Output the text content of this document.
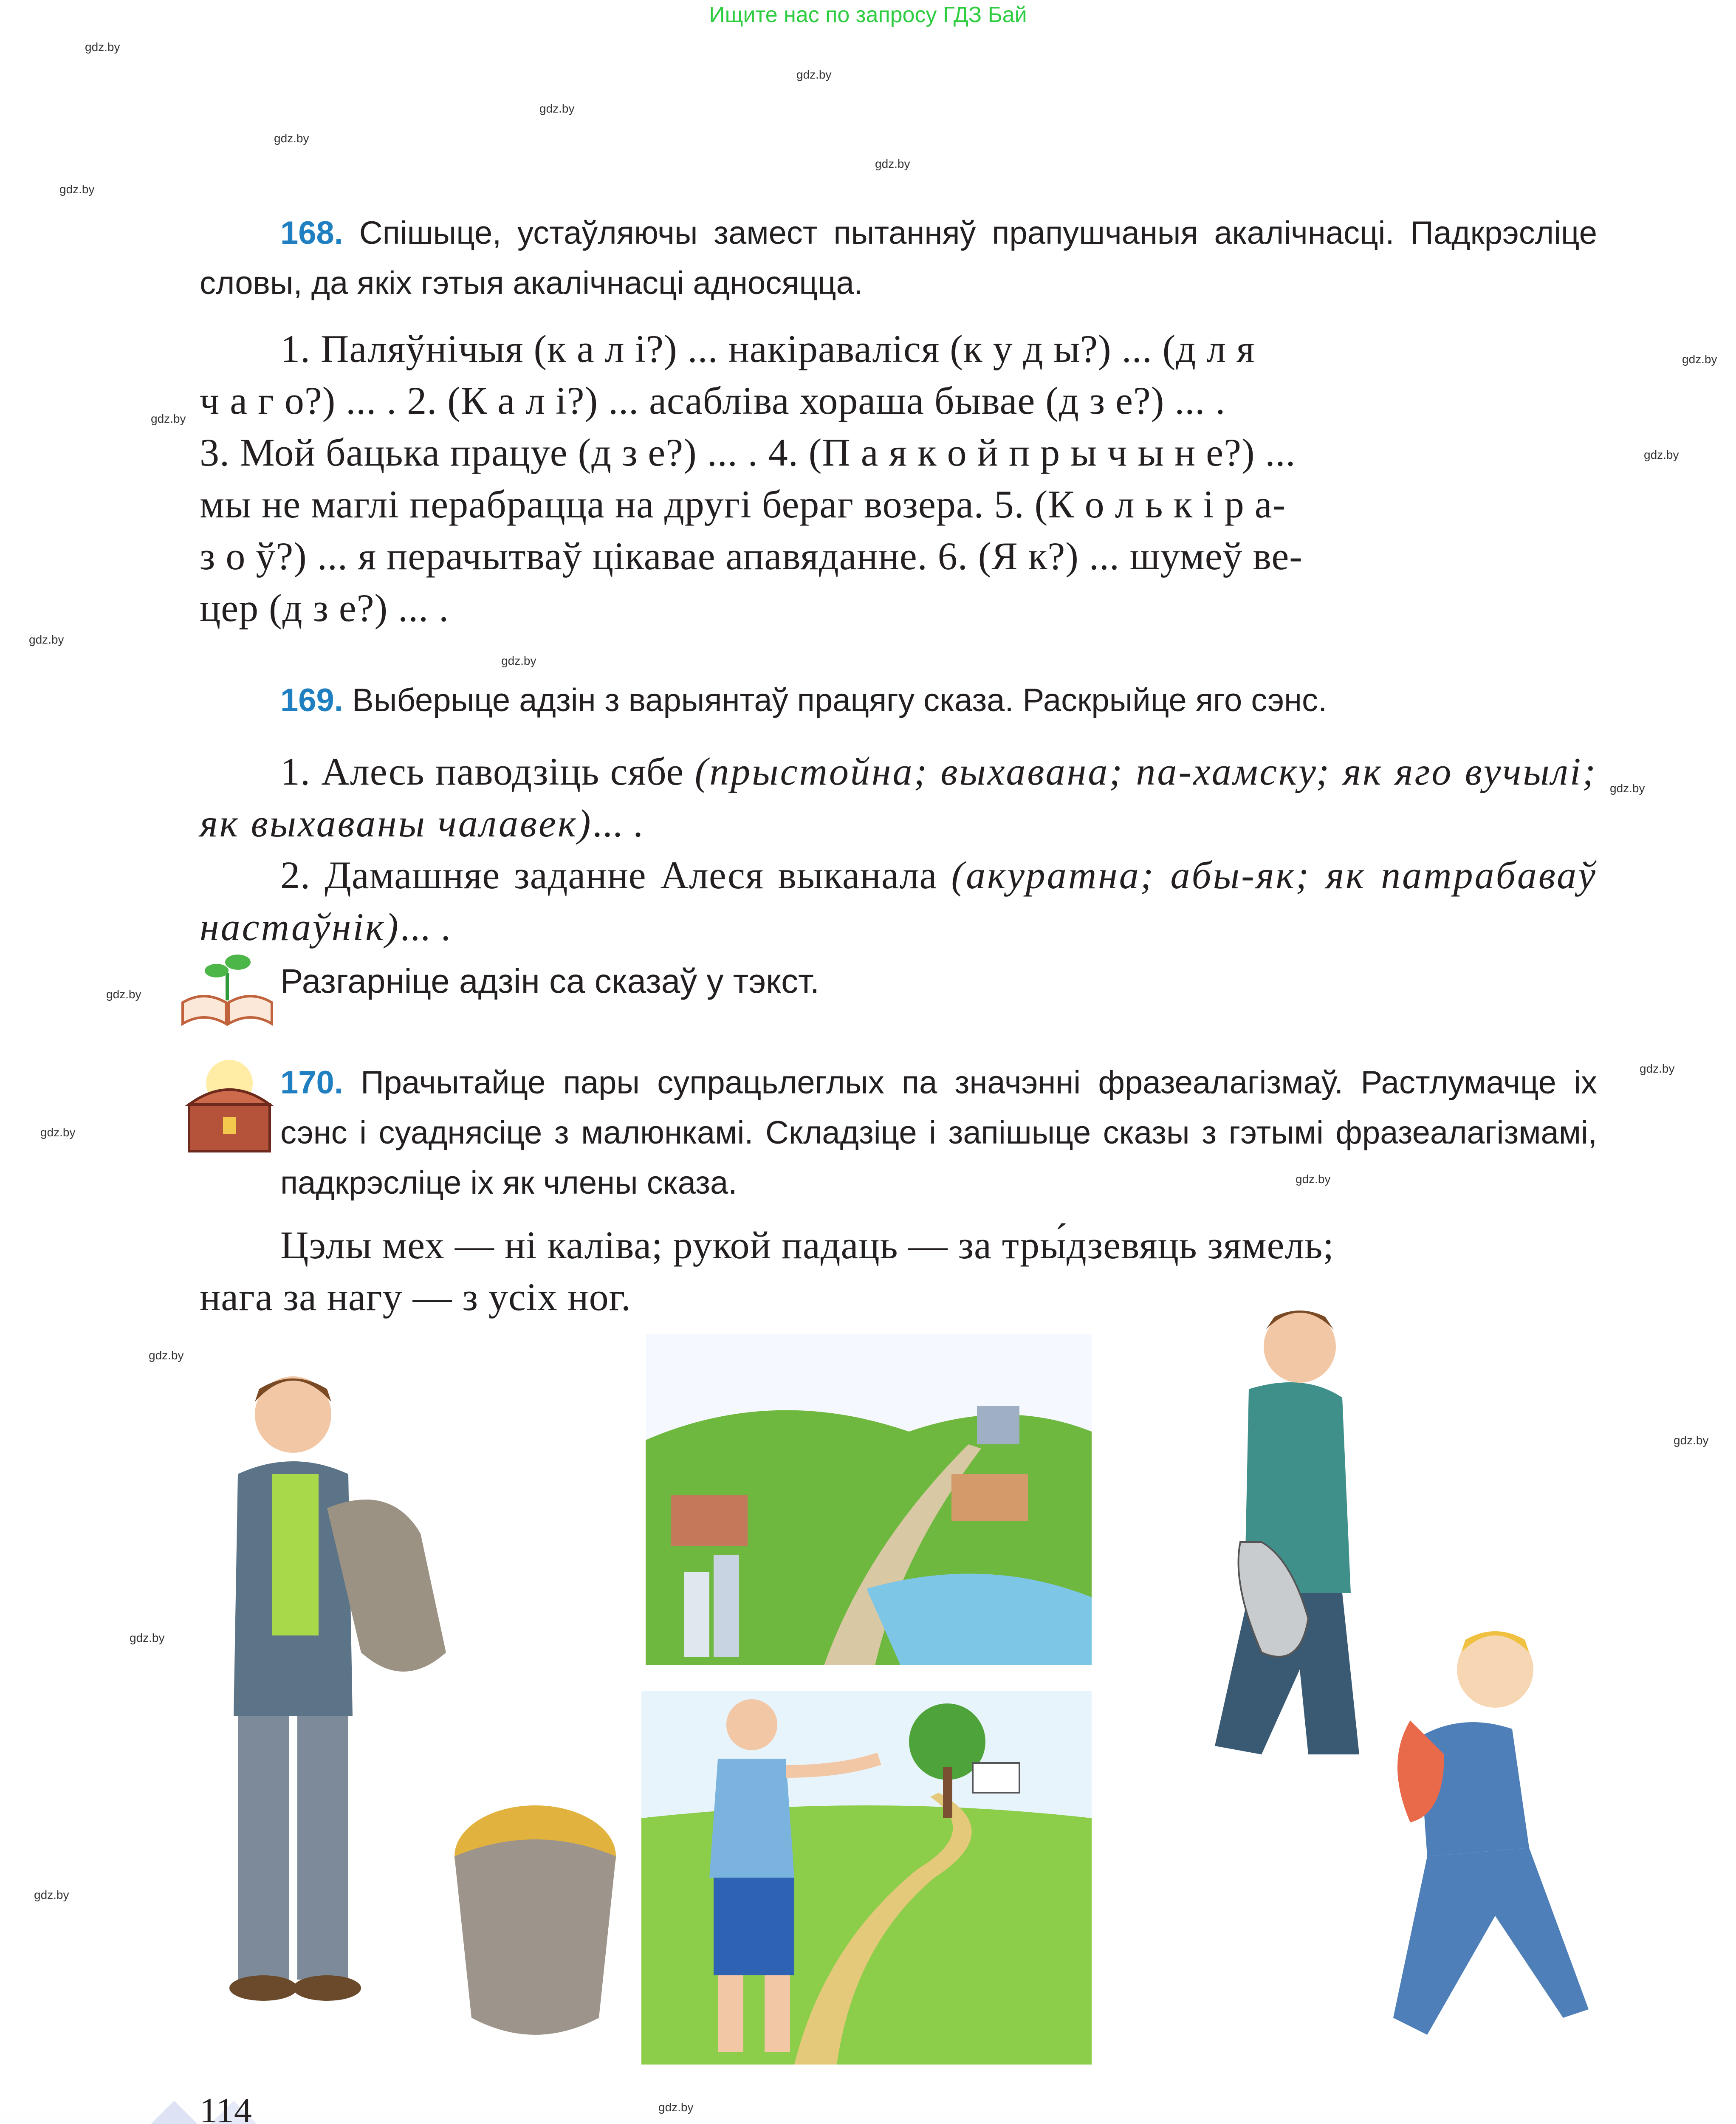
Ищите нас по запросу ГДЗ Бай
168. Спішыце, устаўляючы замест пытанняў прапушчаныя акалічнасці. Падкрэсліце словы, да якіх гэтыя акалічнасці адносяцца.
1. Паляўнічыя (к а л і?) ... накіраваліся (к у д ы?) ... (д л я
ч а г о?) ... . 2. (К а л і?) ... асабліва хораша бывае (д з е?) ... .
3. Мой бацька працуе (д з е?) ... . 4. (П а я к о й п р ы ч ы н е?) ...
мы не маглі перабрацца на другі бераг возера. 5. (К о л ь к і р а-
з о ў?) ... я перачытваў цікавае апавяданне. 6. (Я к?) ... шумеў ве-
цер (д з е?) ... .
169. Выберыце адзін з варыянтаў працягу сказа. Раскрыйце яго сэнс.
1. Алесь паводзіць сябе (прыстойна; выхавана; па-хамску; як яго вучылі; як выхаваны чалавек)... .
2. Дамашняе заданне Алеся выканала (акуратна; абы-як; як патрабаваў настаўнік)... .
Разгарніце адзін са сказаў у тэкст.
170. Прачытайце пары супрацьлеглых па значэнні фразеалагізмаў. Растлумачце іх сэнс і суаднясіце з малюнкамі. Складзіце і запішыце сказы з гэтымі фразеалагізмамі, падкрэсліце іх як члены сказа.
Цэлы мех — ні каліва; рукой падаць — за тры́дзевяць зямель;
нага за нагу — з усіх ног.
114
gdz.by
gdz.by
gdz.by
gdz.by
gdz.by
gdz.by
gdz.by
gdz.by
gdz.by
gdz.by
gdz.by
gdz.by
gdz.by
gdz.by
gdz.by
gdz.by
gdz.by
gdz.by
gdz.by
gdz.by
gdz.by
